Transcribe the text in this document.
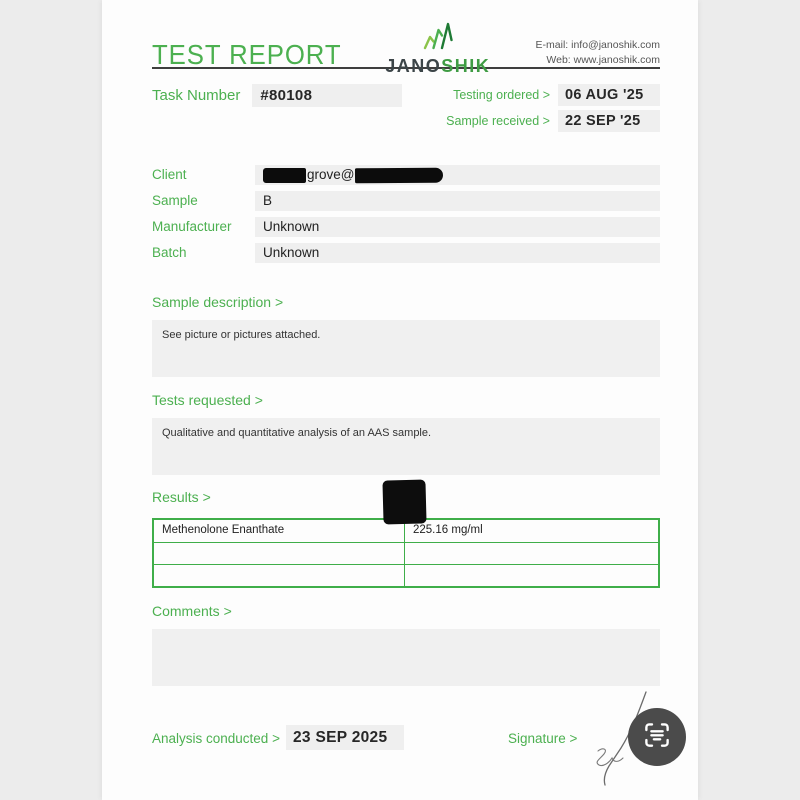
TEST REPORT JANOSHIK
E-mail: info@janoshik.com
Web: www.janoshik.com
Task Number	#80108	Testing ordered >	06 AUG '25
Sample received >	22 SEP '25
Client	grove@
Sample	B
Manufacturer	Unknown
Batch	Unknown
Sample description >
See picture or pictures attached.
Tests requested >
Qualitative and quantitative analysis of an AAS sample.
Results >
Methenolone Enanthate	225.16 mg/ml
Comments >
Analysis conducted > 23 SEP 2025	Signature >
